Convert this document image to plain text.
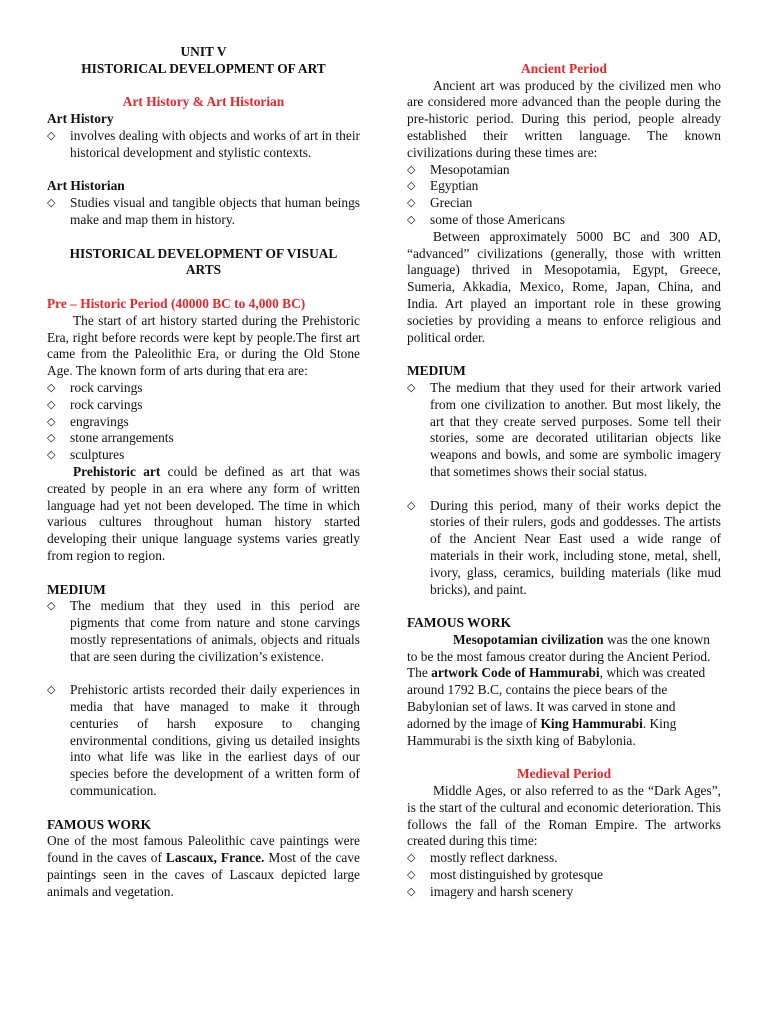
UNIT V

HISTORICAL DEVELOPMENT OF ART

Art History & Art Historian

Art History

◇	involves dealing with objects and works of art in their historical development and stylistic contexts.

Art Historian

◇	Studies visual and tangible objects that human beings make and map them in history.

HISTORICAL DEVELOPMENT OF VISUAL

ARTS

Pre – Historic Period (40000 BC to 4,000 BC)

The start of art history started during the Prehistoric Era, right before records were kept by people.The first art came from the Paleolithic Era, or during the Old Stone Age. The known form of arts during that era are:

◇	rock carvings
◇	rock carvings
◇	engravings
◇	stone arrangements
◇	sculptures

Prehistoric art could be defined as art that was created by people in an era where any form of written language had yet not been developed. The time in which various cultures throughout human history started developing their unique language systems varies greatly from region to region.

MEDIUM

◇	The medium that they used in this period are pigments that come from nature and stone carvings mostly representations of animals, objects and rituals that are seen during the civilization’s existence.
◇	Prehistoric artists recorded their daily experiences in media that have managed to make it through centuries of harsh exposure to changing environmental conditions, giving us detailed insights into what life was like in the earliest days of our species before the development of a written form of communication.

FAMOUS WORK

One of the most famous Paleolithic cave paintings were found in the caves of Lascaux, France. Most of the cave paintings seen in the caves of Lascaux depicted large animals and vegetation.

Ancient Period

Ancient art was produced by the civilized men who are considered more advanced than the people during the pre-historic period. During this period, people already established their written language. The known civilizations during these times are:

◇	Mesopotamian
◇	Egyptian
◇	Grecian
◇	some of those Americans

Between approximately 5000 BC and 300 AD, “advanced” civilizations (generally, those with written language) thrived in Mesopotamia, Egypt, Greece, Sumeria, Akkadia, Mexico, Rome, Japan, China, and India. Art played an important role in these growing societies by providing a means to enforce religious and political order.

MEDIUM

◇	The medium that they used for their artwork varied from one civilization to another. But most likely, the art that they create served purposes. Some tell their stories, some are decorated utilitarian objects like weapons and bowls, and some are symbolic imagery that sometimes shows their social status.
◇	During this period, many of their works depict the stories of their rulers, gods and goddesses. The artists of the Ancient Near East used a wide range of materials in their work, including stone, metal, shell, ivory, glass, ceramics, building materials (like mud bricks), and paint.

FAMOUS WORK

Mesopotamian civilization was the one known to be the most famous creator during the Ancient Period. The artwork Code of Hammurabi, which was created around 1792 B.C, contains the piece bears of the Babylonian set of laws. It was carved in stone and adorned by the image of King Hammurabi. King Hammurabi is the sixth king of Babylonia.

Medieval Period

Middle Ages, or also referred to as the “Dark Ages”, is the start of the cultural and economic deterioration. This follows the fall of the Roman Empire. The artworks created during this time:

◇	mostly reflect darkness.
◇	most distinguished by grotesque
◇	imagery and harsh scenery
